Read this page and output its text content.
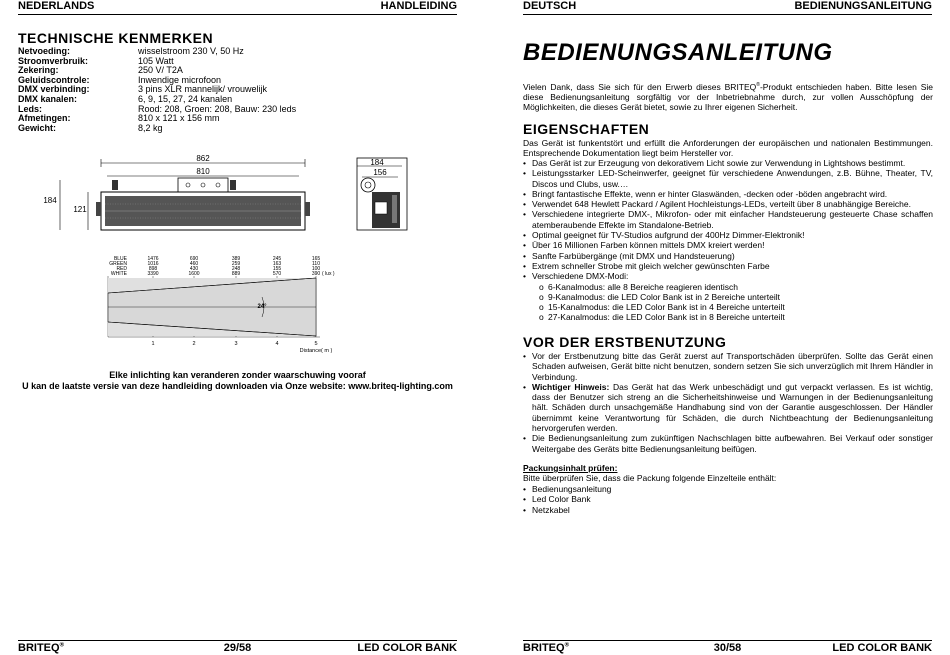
NEDERLANDS	HANDLEIDING
TECHNISCHE KENMERKEN
Netvoeding:	wisselstroom 230 V, 50 Hz
Stroomverbruik:	105 Watt
Zekering:	250 V/ T2A
Geluidscontrole:	Inwendige microfoon
DMX verbinding:	3 pins XLR mannelijk/ vrouwelijk
DMX kanalen:	6, 9, 15, 27, 24 kanalen
Leds:	Rood: 208, Groen: 208, Bauw: 230 leds
Afmetingen:	810 x 121 x 156 mm
Gewicht:	8,2 kg
862
810
184
121
184
156
BLUE
GREEN
RED
WHITE
1476	690	389	245	165
1016	460	259	163	110
898	430	248	155	100
3390	1600	889	570	390 ( lux )
24°
1	2	3	4	5
Distance( m )
Elke inlichting kan veranderen zonder waarschuwing vooraf
U kan de laatste versie van deze handleiding downloaden via Onze website: www.briteq-lighting.com
BRITEQ®	29/58	LED COLOR BANK
DEUTSCH	BEDIENUNGSANLEITUNG
BEDIENUNGSANLEITUNG
Vielen Dank, dass Sie sich für den Erwerb dieses BRITEQ®-Produkt entschieden haben. Bitte lesen Sie diese Bedienungsanleitung sorgfältig vor der Inbetriebnahme durch, zur vollen Ausschöpfung der Möglichkeiten, die dieses Gerät bietet, sowie zu Ihrer eigenen Sicherheit.
EIGENSCHAFTEN
Das Gerät ist funkentstört und erfüllt die Anforderungen der europäischen und nationalen Bestimmungen. Entsprechende Dokumentation liegt beim Hersteller vor.
• Das Gerät ist zur Erzeugung von dekorativem Licht sowie zur Verwendung in Lightshows bestimmt.
• Leistungsstarker LED-Scheinwerfer, geeignet für verschiedene Anwendungen, z.B. Bühne, Theater, TV, Discos und Clubs, usw.…
• Bringt fantastische Effekte, wenn er hinter Glaswänden, -decken oder -böden angebracht wird.
• Verwendet 648 Hewlett Packard / Agilent Hochleistungs-LEDs, verteilt über 8 unabhängige Bereiche.
• Verschiedene integrierte DMX-, Mikrofon- oder mit einfacher Handsteuerung gesteuerte Chase schaffen atemberaubende Effekte im Standalone-Betrieb.
• Optimal geeignet für TV-Studios aufgrund der 400Hz Dimmer-Elektronik!
• Über 16 Millionen Farben können mittels DMX kreiert werden!
• Sanfte Farbübergänge (mit DMX und Handsteuerung)
• Extrem schneller Strobe mit gleich welcher gewünschten Farbe
• Verschiedene DMX-Modi:
o 6-Kanalmodus: alle 8 Bereiche reagieren identisch
o 9-Kanalmodus: die LED Color Bank ist in 2 Bereiche unterteilt
o 15-Kanalmodus: die LED Color Bank ist in 4 Bereiche unterteilt
o 27-Kanalmodus: die LED Color Bank ist in 8 Bereiche unterteilt
VOR DER ERSTBENUTZUNG
• Vor der Erstbenutzung bitte das Gerät zuerst auf Transportschäden überprüfen. Sollte das Gerät einen Schaden aufweisen, Gerät bitte nicht benutzen, sondern setzen Sie sich unverzüglich mit Ihrem Händler in Verbindung.
• Wichtiger Hinweis: Das Gerät hat das Werk unbeschädigt und gut verpackt verlassen. Es ist wichtig, dass der Benutzer sich streng an die Sicherheitshinweise und Warnungen in der Bedienungsanleitung hält. Schäden durch unsachgemäße Handhabung sind von der Garantie ausgeschlossen. Der Händler übernimmt keine Verantwortung für Schäden, die durch Nichtbeachtung der Bedienungsanleitung hervorgerufen werden.
• Die Bedienungsanleitung zum zukünftigen Nachschlagen bitte aufbewahren. Bei Verkauf oder sonstiger Weitergabe des Geräts bitte Bedienungsanleitung beifügen.
Packungsinhalt prüfen:
Bitte überprüfen Sie, dass die Packung folgende Einzelteile enthält:
• Bedienungsanleitung
• Led Color Bank
• Netzkabel
BRITEQ®	30/58	LED COLOR BANK
